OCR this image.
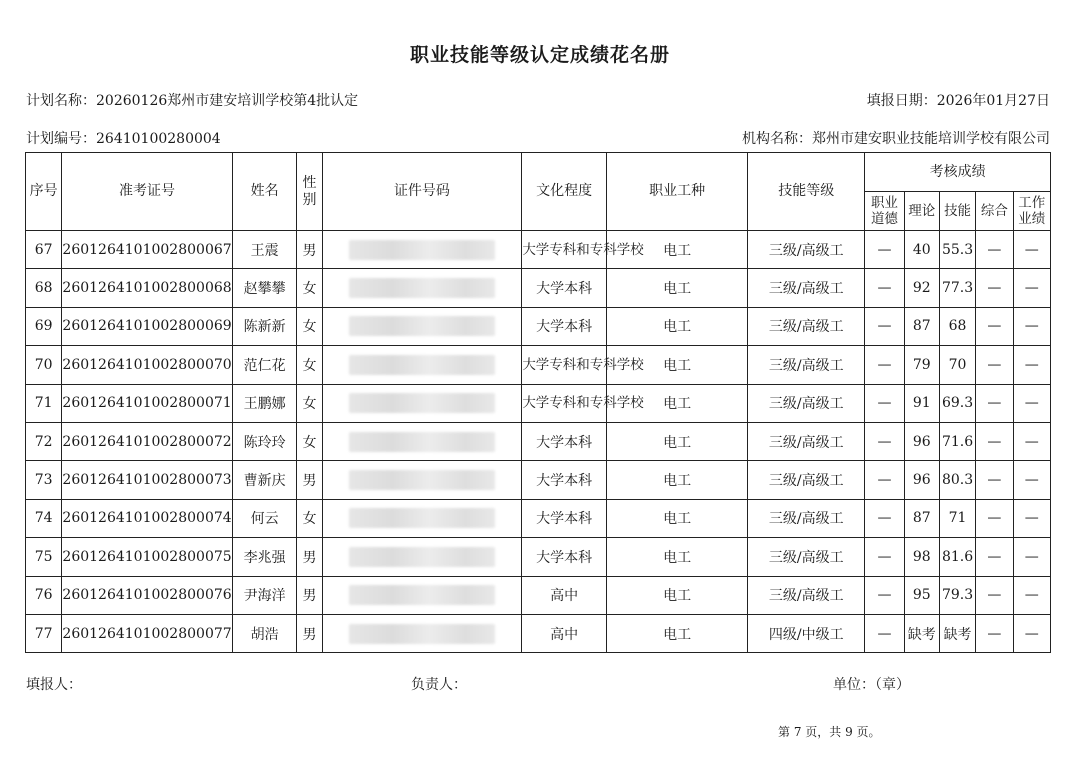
职业技能等级认定成绩花名册
计划名称：20260126郑州市建安培训学校第4批认定	填报日期：2026年01月27日
计划编号：26410100280004	机构名称：郑州市建安职业技能培训学校有限公司
序号	准考证号	姓名	性别	证件号码	文化程度	职业工种	技能等级	考核成绩				
								职业道德	理论	技能	综合	工作业绩
67	2601264101002800067	王震	男		大学专科和专科学校	电工	三级/高级工	—	40	55.3	—	—
68	2601264101002800068	赵攀攀	女		大学本科	电工	三级/高级工	—	92	77.3	—	—
69	2601264101002800069	陈新新	女		大学本科	电工	三级/高级工	—	87	68	—	—
70	2601264101002800070	范仁花	女		大学专科和专科学校	电工	三级/高级工	—	79	70	—	—
71	2601264101002800071	王鹏娜	女		大学专科和专科学校	电工	三级/高级工	—	91	69.3	—	—
72	2601264101002800072	陈玲玲	女		大学本科	电工	三级/高级工	—	96	71.6	—	—
73	2601264101002800073	曹新庆	男		大学本科	电工	三级/高级工	—	96	80.3	—	—
74	2601264101002800074	何云	女		大学本科	电工	三级/高级工	—	87	71	—	—
75	2601264101002800075	李兆强	男		大学本科	电工	三级/高级工	—	98	81.6	—	—
76	2601264101002800076	尹海洋	男		高中	电工	三级/高级工	—	95	79.3	—	—
77	2601264101002800077	胡浩	男		高中	电工	四级/中级工	—	缺考	缺考	—	—
填报人：	负责人：	单位：（章）
第 7 页，共 9 页。
